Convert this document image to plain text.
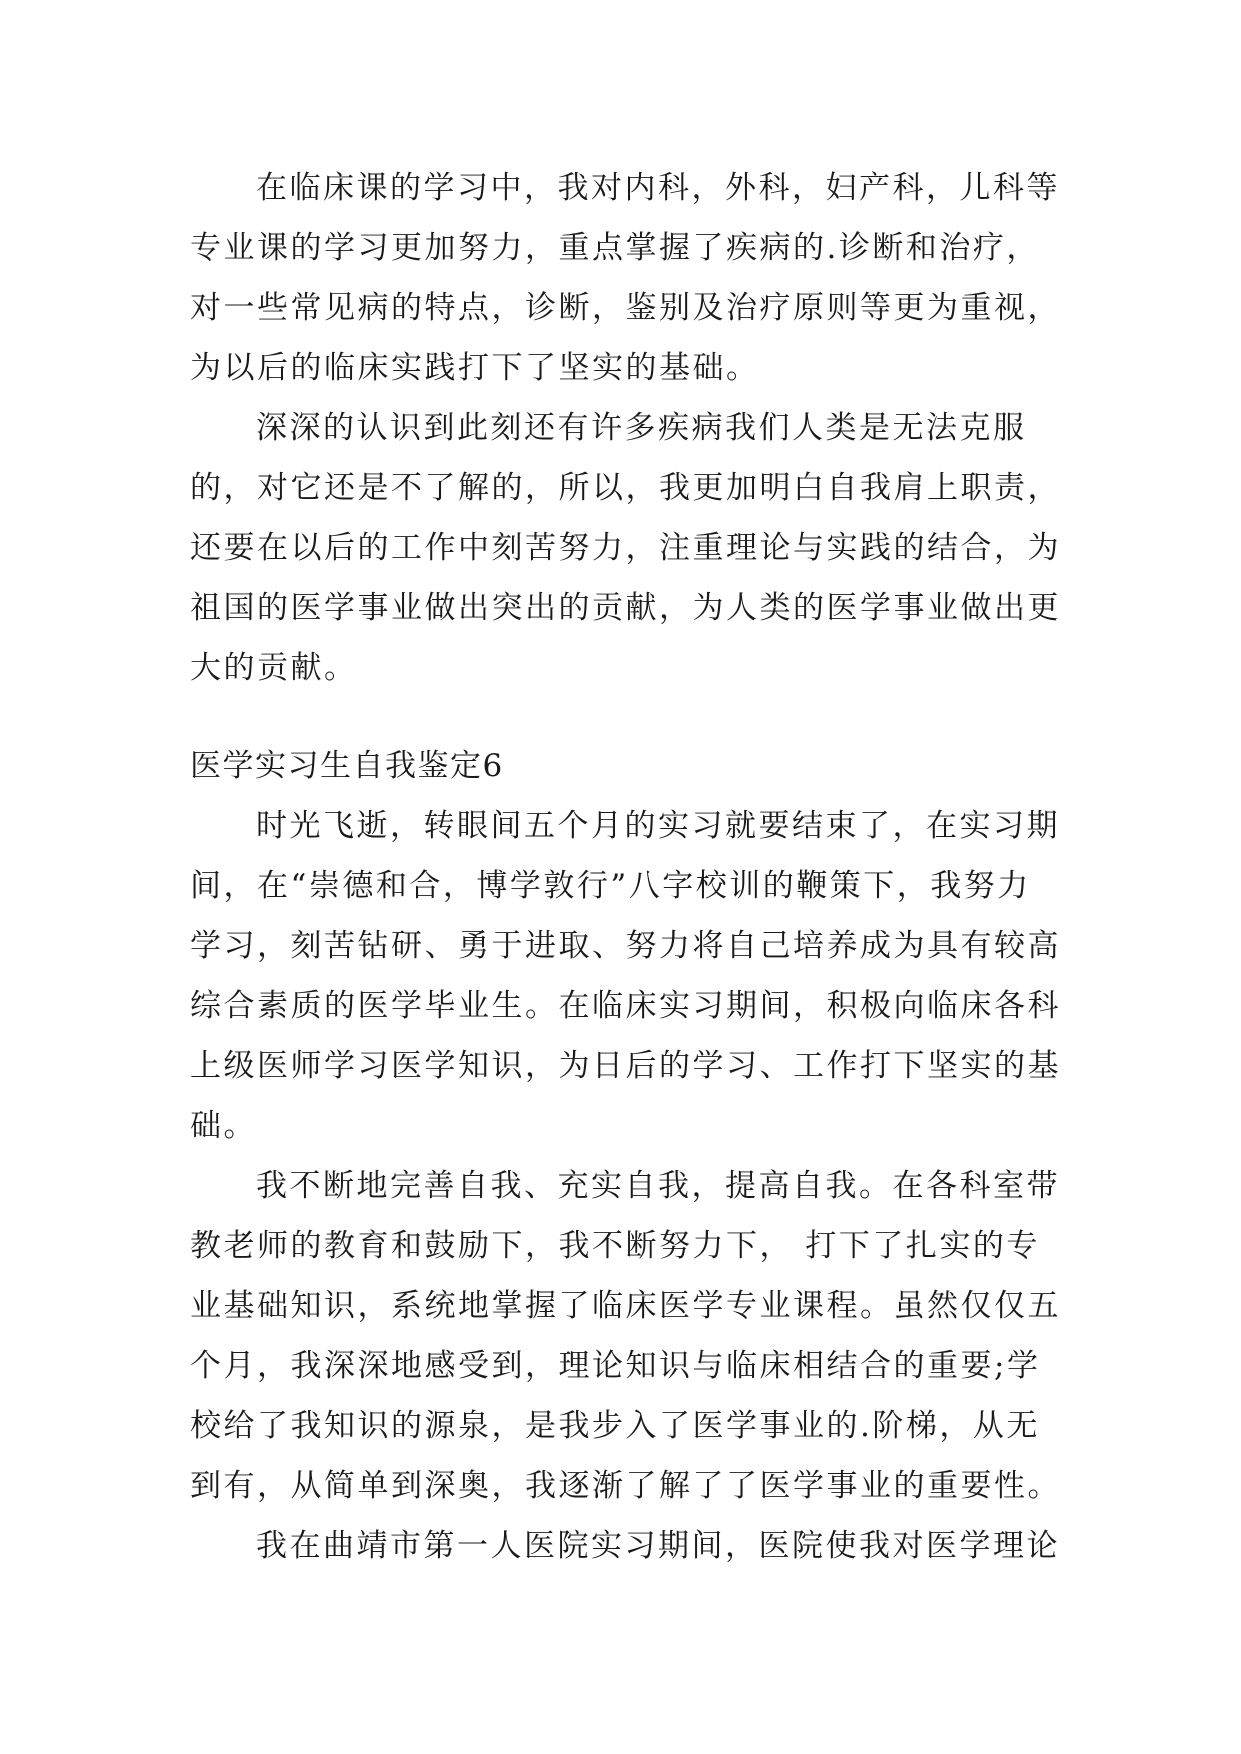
在临床课的学习中，我对内科，外科，妇产科，儿科等
专业课的学习更加努力，重点掌握了疾病的.诊断和治疗，
对一些常见病的特点，诊断，鉴别及治疗原则等更为重视，
为以后的临床实践打下了坚实的基础。
深深的认识到此刻还有许多疾病我们人类是无法克服
的，对它还是不了解的，所以，我更加明白自我肩上职责，
还要在以后的工作中刻苦努力，注重理论与实践的结合，为
祖国的医学事业做出突出的贡献，为人类的医学事业做出更
大的贡献。
医学实习生自我鉴定6
时光飞逝，转眼间五个月的实习就要结束了，在实习期
间，在“崇德和合，博学敦行”八字校训的鞭策下，我努力
学习，刻苦钻研、勇于进取、努力将自己培养成为具有较高
综合素质的医学毕业生。在临床实习期间，积极向临床各科
上级医师学习医学知识，为日后的学习、工作打下坚实的基
础。
我不断地完善自我、充实自我，提高自我。在各科室带
教老师的教育和鼓励下，我不断努力下， 打下了扎实的专
业基础知识，系统地掌握了临床医学专业课程。虽然仅仅五
个月，我深深地感受到，理论知识与临床相结合的重要;学
校给了我知识的源泉，是我步入了医学事业的.阶梯，从无
到有，从简单到深奥，我逐渐了解了了医学事业的重要性。
我在曲靖市第一人医院实习期间，医院使我对医学理论
